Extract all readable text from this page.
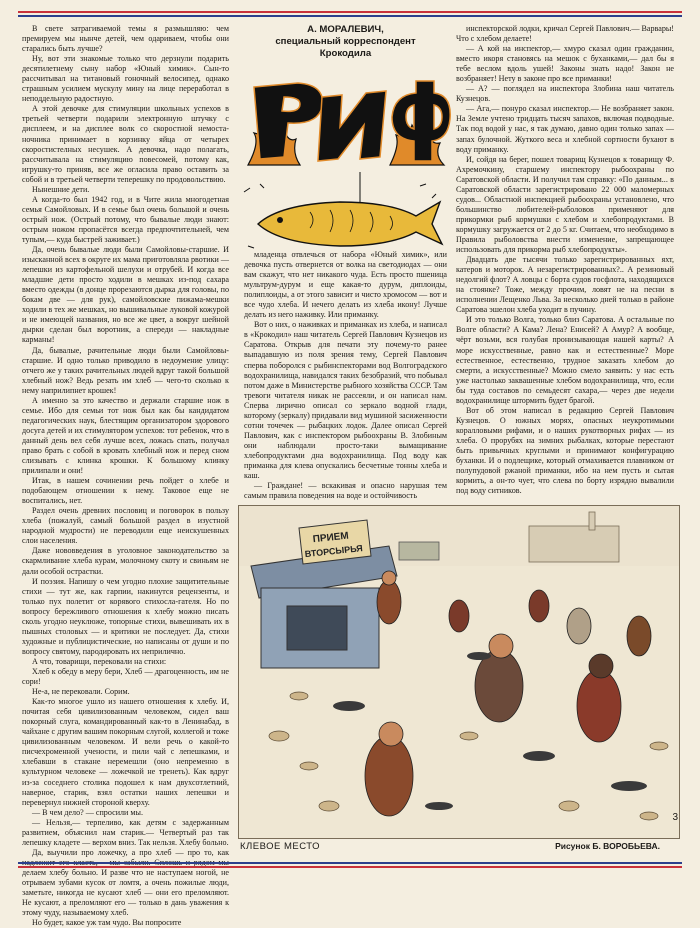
В свете затрагиваемой темы я размышляю: чем премируем мы нынче детей, чем одариваем, чтобы они старались быть лучше?

Ну, вот эти знакомые только что дерзнули подарить десятилетнему сыну набор «Юный химик». Сын-то рассчитывал на титановый гоночный велосипед, однако страшным усилием мускулу мину на лице переработал в неподдельную радостную.

А этой девочке для стимуляции школьных успехов в третьей четверти подарили электронную штучку с дисплеем, и на дисплее волк со скоростной немоста-ночника принимает в корзинку яйца от четырех скоростистелных несушек. А девочка, надо полагать, рассчитывала на стимуляцию повесомей, потому как, игрушку-то приняв, все же огласила право оставить за собой и в третьей четверти теперешку по продовольствию.

Нынешние дети.

А когда-то был 1942 год, и в Чите жила многодетная семья Самойловых. И в семье был очень большой и очень острый нож. (Острый потому, что бывалые люди знают: острым ножом пропасётся всегда предпочтительней, чем тупым,— куда быстрей заживает.)

Да, очень бывалые люди были Самойловы-старшие. И изысканной всех в округе их мама приготовляла рвотики — лепешки из картофельной шелухи и отрубей. И когда все младшие дети просто ходили в мешках из-под сахара вместо одежды (в донце прорезаются дырка для головы, по бокам две — для рук), самойловские пижама-мешки ходили в тех же мешках, но вышивальные луковой кожурой и не имеющей названия, но все же цвет, а вокруг шейной дырки сделан был воротник, а спереди — накладные карманы!

Да, бывалые, рачительные люди были Самойловы-старшие. И одно только приводило в недоумение улицу: отчего же у таких рачительных людей вдруг такой большой хлебный нож? Ведь резать им хлеб — чего-то сколько к нему наприлипнет крошек!

А именно за это качество и держали старшие нож в семье. Ибо для семьи тот нож был как бы кандидатом педагогических наук, блестящим организатором здорового досуга детей и их стимулятором успехов: тот ребенок, что в данный день вел себя лучше всех, ложась спать, получал право брать с собой в кровать хлебный нож и перед сном слизывать с клинка крошки. К большому клинку прилипали и они!

Итак, в нашем сочинении речь пойдет о хлебе и подобающем отношении к нему. Таковое еще не воспитались, нет.

Раздел очень древних пословиц и поговорок в пользу хлеба (пожалуй, самый большой раздел в изустной народной мудрости) не переводили еще неискушенных слои населения.

Даже нововведения в уголовное законодательство за скармливание хлеба курам, молочному скоту и свиньям не дали особой острастки.

И поэзия. Напишу о чем угодно плохие защитительные стихи — тут же, как гарпии, накинутся рецензенты, и только пух полетит от корявого стихосла-гателя. Но по вопросу бережливого отношения к хлебу можно писать сколь угодно неуклюже, топорные стихи, вывешивать их в пышных столовых — и критики не последует. Да, стихи художные и публицистические, но написаны от души и по вопросу святому, пародировать их неприлично.

А что, товарищи, перековали на стихи:

Хлеб к обеду в меру бери, Хлеб — драгоценность, им не сори!

Не-а, не перековали. Сорим.

Как-то многое ушло из нашего отношения к хлебу. И, почитая себя цивилизованным человеком, сидел ваш покорный слуга, командированный как-то в Ленинабад, в чайхане с другим вашим покорным слугой, коллегой и тоже цивилизованным человеком. И вели речь о какой-то писчехроменной учености, и пили чай с лепешками, и хлебавши в стакане неремешли (оно непременно в культурном человеке — ложечкой не тренеть). Как вдруг из-за соседнего столика подошел к нам двухсотлетний, наверное, старик, взял остатки наших лепешки и перевернул нижней стороной кверху.

— В чем дело? — спросили мы.

— Нельзя,— терпеливо, как детям с задержанным развитием, объяснил нам старик.— Четвертый раз так лепешку кладете — верхом вниз. Так нельзя. Хлебу больно.

Да, выучили про ложечку, а про хлеб — про то, как делаем хлебу больно. И разве что не наступаем ногой, не отрываем зубами кусок от ломтя, а очень пожилые люди, заметьте, никогда не кусают хлеб — они его преломляют. Не кусают, а преломляют его — только в дань уважения к этому чуду, называемому хлеб.

Но будет, какое уж там чудо. Вы попросите

А. МОРАЛЕВИЧ,
специальный корреспондент
Крокодила

младенца отвлечься от набора «Юный химик», или девочка пусть отвернется от волка на светодиодах — они вам скажут, что нет никакого чуда. Есть просто пшеница мультрум-дурум и еще какая-то дурум, диплоиды, полиплоиды, а от этого зависит и чисто хромосом — вот и все чудо хлеба. И нечего делать из хлеба икону! Лучше делать из него наживку. Или приманку.

Вот о них, о наживках и приманках из хлеба, и написал в «Крокодил» наш читатель Сергей Павлович Кузнецов из Саратова. Открыв для печати эту почему-то ранее выпадавшую из поля зрения тему, Сергей Павлович сперва поборолся с рыбинспекторами вод Волгоградского водохранилища, навидался таких безобразий, что побывал потом даже в Министерстве рыбного хозяйства СССР. Там тревоги читателя никак не рассеяли, и он написал нам. Сперва лирично описал со зеркало водной глади, которому (зеркалу) придавали вид мушиной засиженности сотни точечек — рыбацких лодок. Далее описал Сергей Павлович, как с инспектором рыбоохраны В. Злобиным они наблюдали просто-таки вымащивание хлебопродуктами дна водохранилища. Под воду как приманка для клева опускались бесчетные тонны хлеба и каш.

— Граждане! — вскакивая и опасно нарушая тем самым правила поведения на воде и остойчивость

инспекторской лодки, кричал Сергей Павлович.— Варвары! Что с хлебом делаете!

— А кой на инспектор,— хмуро сказал один гражданин, вместо икоря становясь на мешок с буханками,— дал бы я тебе веслом вдоль ушей! Законы знать надо! Закон не возбраняет! Нету в законе про все приманки!

— А? — поглядел на инспектора Злобина наш читатель Кузнецов.

— Ага,— понуро сказал инспектор.— Не возбраняет закон. На Земле учтено тридцать тысяч запахов, включая подводные. Так под водой у нас, я так думаю, давно один только запах — запах булочной. Жуткого веса и хлебной сортности бухают в воду приманку.

И, сойдя на берег, пошел товарищ Кузнецов к товарищу Ф. Ахремочкину, старшему инспектору рыбоохраны по Саратовской области. И получил там справку: «По данным... в Саратовской области зарегистрировано 22 000 маломерных судов... Областной инспекцией рыбоохраны установлено, что большинство любителей-рыболовов применяют для прикормки рыб кормушки с хлебом и хлебопродуктами. В кормушку загружается от 2 до 5 кг. Считаем, что необходимо в Правила рыболовства внести изменение, запрещающее использовать для прикорма рыб хлебопродукты».

Двадцать две тысячи только зарегистрированных яхт, катеров и моторок. А незарегистрированных?.. А резиновый недолгий флот? А ловцы с борта судов госфлота, находящихся на стоянке? Тоже, между прочим, ловят не на песни в исполнении Лещенко Льва. За несколько дней только в районе Саратова эшелон хлеба уходит в пучину.

И это только Волга, только близ Саратова. А остальные по Волге области? А Кама? Лена? Енисей? А Амур? А вообще, чёрт возьми, вся голубая пронизывающая нашей карты? А море искусственные, равно как и естественные? Море естественное, естественно, трудное заказать хлебом до смерти, а искусственные? Можно смело заявить: у нас есть уже настолько заквашенные хлебом водохранилища, что, если бы туда составов по семьдесят сахара,— через две недели водохранилище штормить будет брагой.

Вот об этом написал в редакцию Сергей Павлович Кузнецов. О южных морях, опасных неукротимыми коралловыми рифами, и о наших рукотворных рифах — из хлеба. О прорубях на зимних рыбалках, которые перестают быть привычных круглыми и принимают конфигурацию буханки. И о подлещике, который отмахивается плавником от полупудовой ржаной приманки, ибо на нем пусть и сытая кормить, а он-то чует, что слева по борту изрядно вывалили под воду ситников.

ПРИЕМ
ВТОРСЫРЬЯ
КЛЕВОЕ МЕСТО	Рисунок Б. ВОРОБЬЕВА.
3
